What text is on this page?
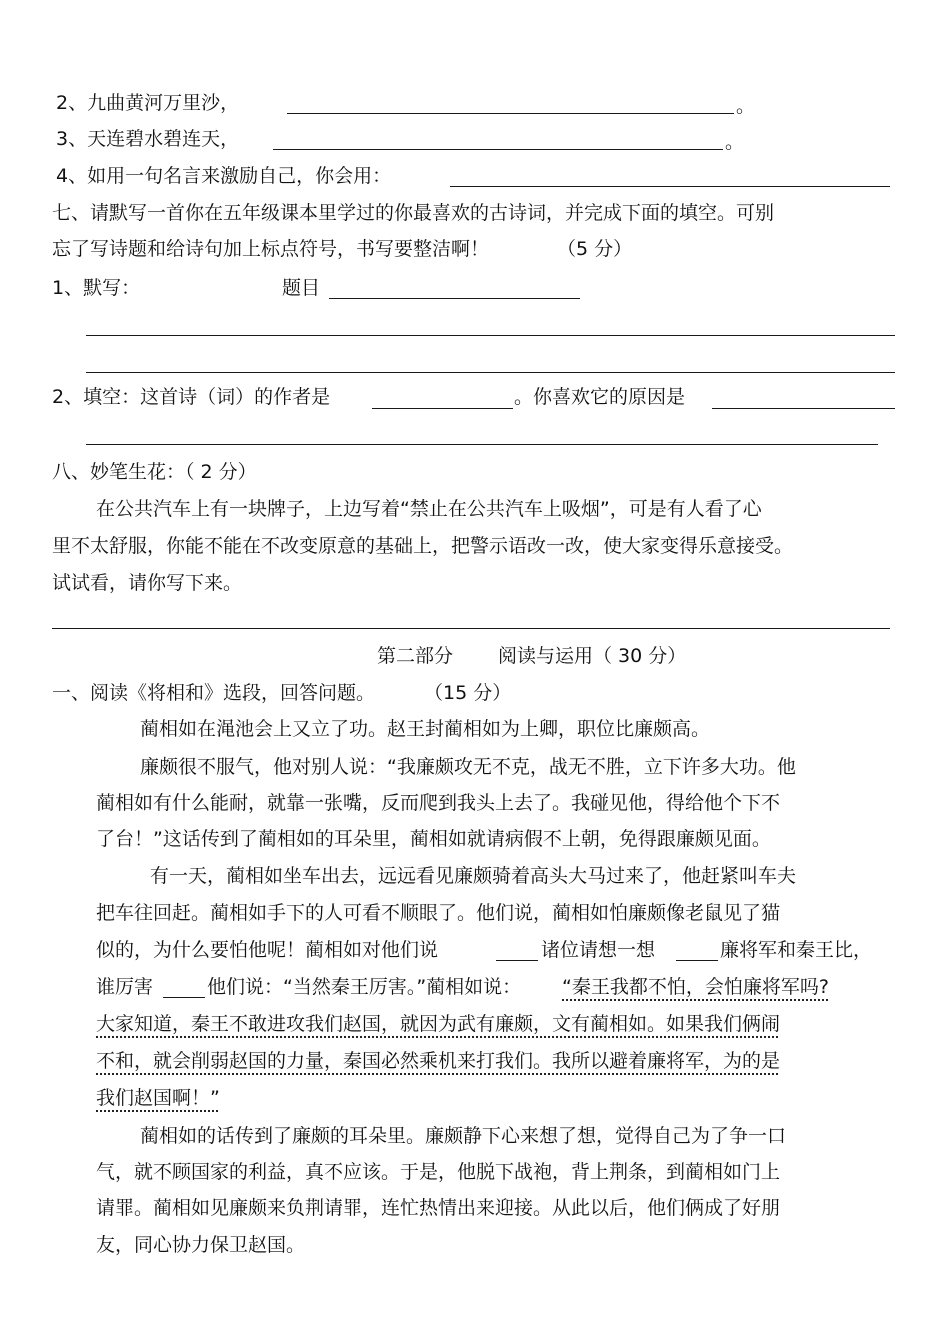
2、九曲黄河万里沙，	。
3、天连碧水碧连天，	。
4、如用一句名言来激励自己，你会用：
七、请默写一首你在五年级课本里学过的你最喜欢的古诗词，并完成下面的填空。可别
忘了写诗题和给诗句加上标点符号，书写要整洁啊！	（5 分）
1、默写：	题目
2、填空：这首诗（词）的作者是	。你喜欢它的原因是
八、妙笔生花：（ 2 分）
在公共汽车上有一块牌子，上边写着“禁止在公共汽车上吸烟”，可是有人看了心
里不太舒服，你能不能在不改变原意的基础上，把警示语改一改，使大家变得乐意接受。
试试看，请你写下来。
第二部分 阅读与运用（ 30 分）
一、阅读《将相和》选段，回答问题。	（15 分）
蔺相如在渑池会上又立了功。赵王封蔺相如为上卿，职位比廉颇高。
廉颇很不服气，他对别人说：“我廉颇攻无不克，战无不胜，立下许多大功。他
蔺相如有什么能耐，就靠一张嘴，反而爬到我头上去了。我碰见他，得给他个下不
了台！”这话传到了蔺相如的耳朵里，蔺相如就请病假不上朝，免得跟廉颇见面。
有一天，蔺相如坐车出去，远远看见廉颇骑着高头大马过来了，他赶紧叫车夫
把车往回赶。蔺相如手下的人可看不顺眼了。他们说，蔺相如怕廉颇像老鼠见了猫
似的，为什么要怕他呢！蔺相如对他们说	诸位请想一想	廉将军和秦王比，
谁厉害	他们说：“当然秦王厉害。”蔺相如说： “秦王我都不怕，会怕廉将军吗?
大家知道，秦王不敢进攻我们赵国，就因为武有廉颇，文有蔺相如。如果我们俩闹
不和，就会削弱赵国的力量，秦国必然乘机来打我们。我所以避着廉将军，为的是
我们赵国啊！”
蔺相如的话传到了廉颇的耳朵里。廉颇静下心来想了想，觉得自己为了争一口
气，就不顾国家的利益，真不应该。于是，他脱下战袍，背上荆条，到蔺相如门上
请罪。蔺相如见廉颇来负荆请罪，连忙热情出来迎接。从此以后，他们俩成了好朋
友，同心协力保卫赵国。
